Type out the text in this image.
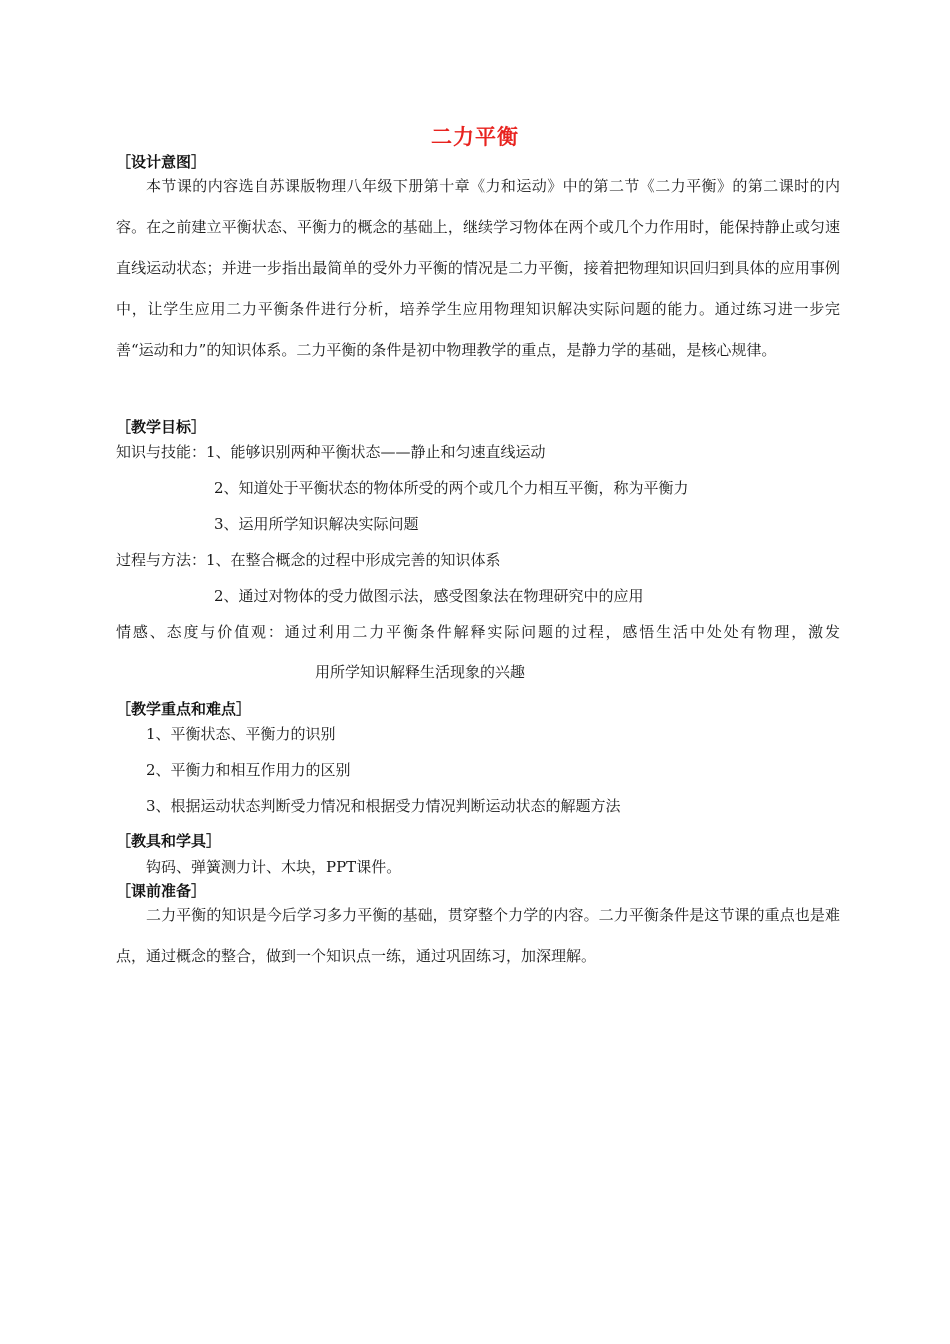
二力平衡
［设计意图］

本节课的内容选自苏课版物理八年级下册第十章《力和运动》中的第二节《二力平衡》的第二课时的内容。在之前建立平衡状态、平衡力的概念的基础上，继续学习物体在两个或几个力作用时，能保持静止或匀速直线运动状态；并进一步指出最简单的受外力平衡的情况是二力平衡，接着把物理知识回归到具体的应用事例中，让学生应用二力平衡条件进行分析，培养学生应用物理知识解决实际问题的能力。通过练习进一步完善“运动和力”的知识体系。二力平衡的条件是初中物理教学的重点，是静力学的基础，是核心规律。

［教学目标］
知识与技能：1、能够识别两种平衡状态——静止和匀速直线运动
2、知道处于平衡状态的物体所受的两个或几个力相互平衡，称为平衡力
3、运用所学知识解决实际问题
过程与方法：1、在整合概念的过程中形成完善的知识体系
2、通过对物体的受力做图示法，感受图象法在物理研究中的应用
情感、态度与价值观：通过利用二力平衡条件解释实际问题的过程，感悟生活中处处有物理，激发
用所学知识解释生活现象的兴趣
［教学重点和难点］
1、平衡状态、平衡力的识别
2、平衡力和相互作用力的区别
3、根据运动状态判断受力情况和根据受力情况判断运动状态的解题方法
［教具和学具］
钩码、弹簧测力计、木块，PPT课件。
［课前准备］

二力平衡的知识是今后学习多力平衡的基础，贯穿整个力学的内容。二力平衡条件是这节课的重点也是难点，通过概念的整合，做到一个知识点一练，通过巩固练习，加深理解。
